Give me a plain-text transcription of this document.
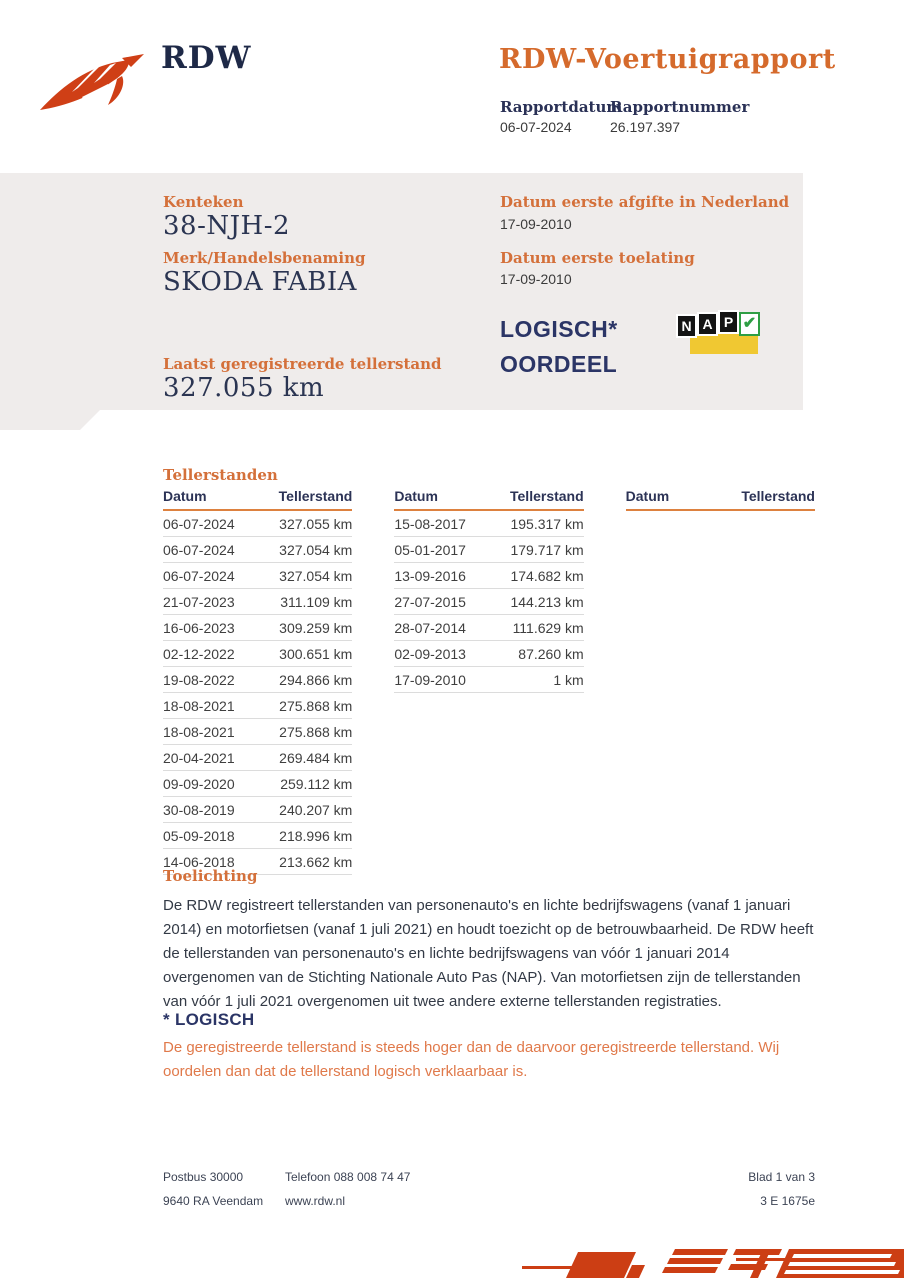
RDW	RDW-Voertuigrapport
Rapportdatum
Rapportnummer
06-07-2024	26.197.397
Kenteken
38-NJH-2
Merk/Handelsbenaming
SKODA FABIA
Laatst geregistreerde tellerstand
327.055 km
Datum eerste afgifte in Nederland
17-09-2010
Datum eerste toelating
17-09-2010
LOGISCH*
OORDEEL
N A P ✔
Tellerstanden
Datum	Tellerstand
06-07-2024	327.055 km
06-07-2024	327.054 km
06-07-2024	327.054 km
21-07-2023	311.109 km
16-06-2023	309.259 km
02-12-2022	300.651 km
19-08-2022	294.866 km
18-08-2021	275.868 km
18-08-2021	275.868 km
20-04-2021	269.484 km
09-09-2020	259.112 km
30-08-2019	240.207 km
05-09-2018	218.996 km
14-06-2018	213.662 km
Datum	Tellerstand
15-08-2017	195.317 km
05-01-2017	179.717 km
13-09-2016	174.682 km
27-07-2015	144.213 km
28-07-2014	111.629 km
02-09-2013	87.260 km
17-09-2010	1 km
Datum	Tellerstand
Toelichting
De RDW registreert tellerstanden van personenauto's en lichte bedrijfswagens (vanaf 1 januari 2014) en motorfietsen (vanaf 1 juli 2021) en houdt toezicht op de betrouwbaarheid. De RDW heeft de tellerstanden van personenauto's en lichte bedrijfswagens van vóór 1 januari 2014 overgenomen van de Stichting Nationale Auto Pas (NAP). Van motorfietsen zijn de tellerstanden van vóór 1 juli 2021 overgenomen uit twee andere externe tellerstanden registraties.
* LOGISCH
De geregistreerde tellerstand is steeds hoger dan de daarvoor geregistreerde tellerstand. Wij oordelen dan dat de tellerstand logisch verklaarbaar is.
Postbus 30000
9640 RA Veendam
Telefoon 088 008 74 47
www.rdw.nl
Blad 1 van 3
3 E 1675e
